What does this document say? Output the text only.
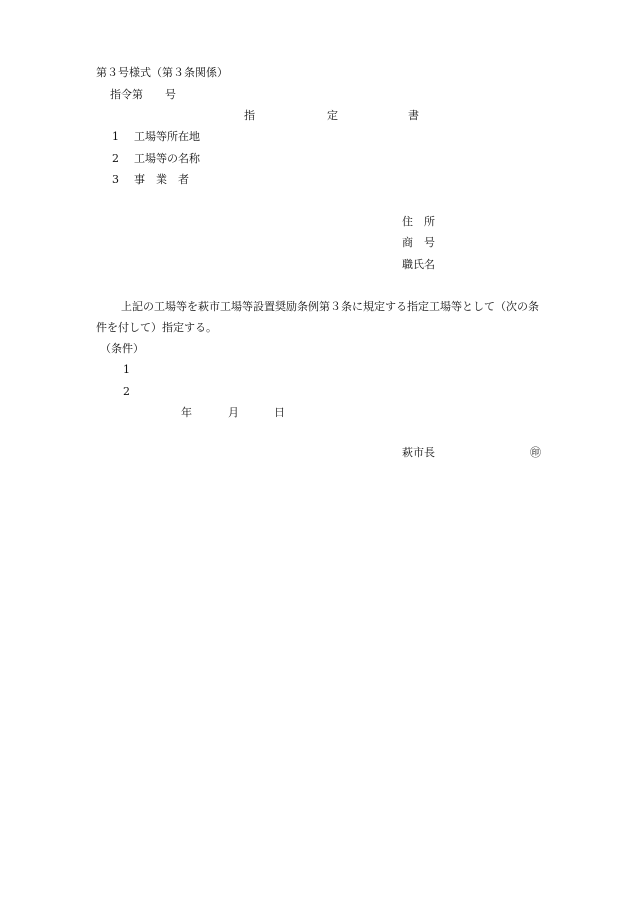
第３号様式（第３条関係）
指令第　　号
指	定	書
1 工場等所在地
2 工場等の名称
3 事　業　者
住　所
商　号
職氏名
上記の工場等を萩市工場等設置奨励条例第３条に規定する指定工場等として（次の条
件を付して）指定する。
（条件）
1
2
年	月	日
萩市長	㊞
